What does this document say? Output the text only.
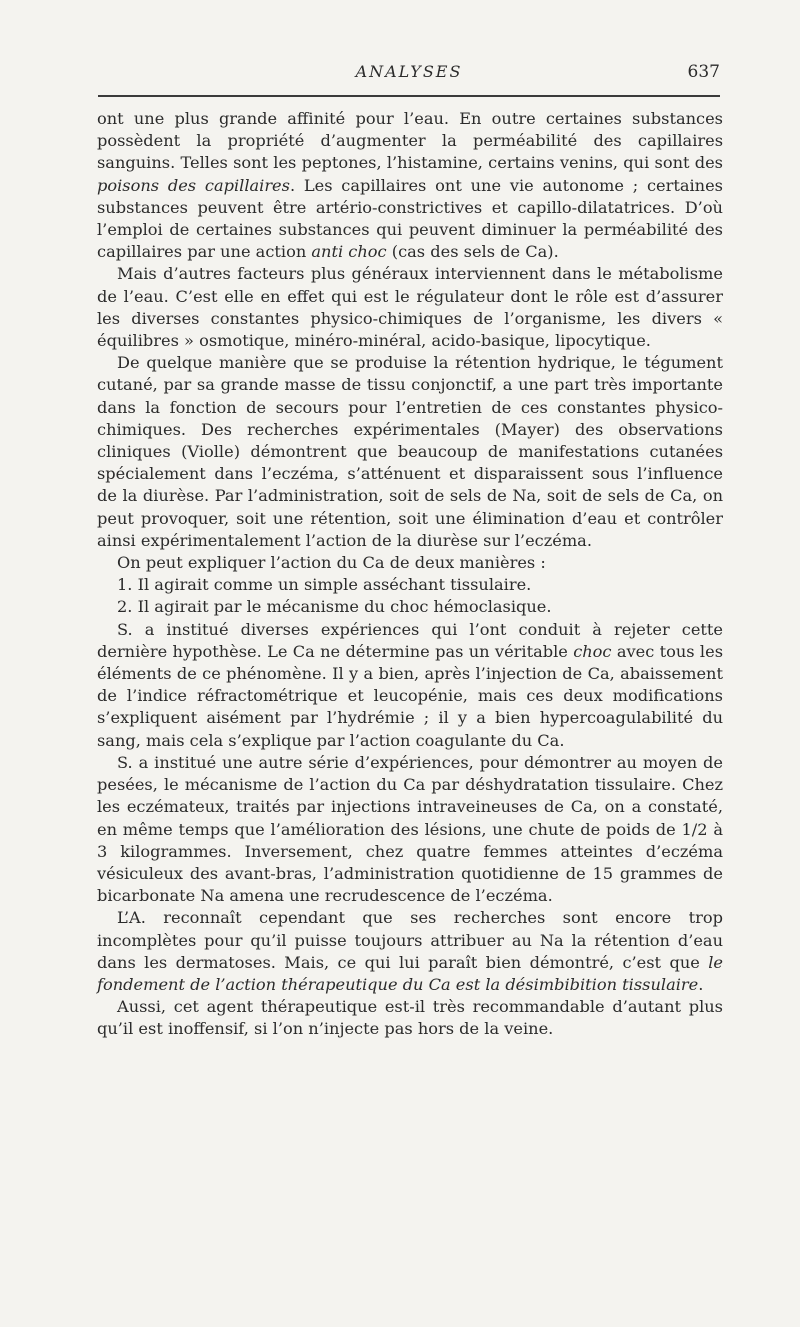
ANALYSES	637

ont une plus grande affinité pour l’eau. En outre certaines substances possèdent la propriété d’augmenter la perméabilité des capillaires sanguins. Telles sont les peptones, l’histamine, certains venins, qui sont des poisons des capillaires. Les capillaires ont une vie autonome ; certaines substances peuvent être artério-constrictives et capillo-dilatatrices. D’où l’emploi de certaines substances qui peuvent diminuer la perméabilité des capillaires par une action anti choc (cas des sels de Ca).

Mais d’autres facteurs plus généraux interviennent dans le métabolisme de l’eau. C’est elle en effet qui est le régulateur dont le rôle est d’assurer les diverses constantes physico-chimiques de l’organisme, les divers « équilibres » osmotique, minéro-minéral, acido-basique, lipocytique.

De quelque manière que se produise la rétention hydrique, le tégument cutané, par sa grande masse de tissu conjonctif, a une part très importante dans la fonction de secours pour l’entretien de ces constantes physico-chimiques. Des recherches expérimentales (Mayer) des observations cliniques (Violle) démontrent que beaucoup de manifestations cutanées spécialement dans l’eczéma, s’atténuent et disparaissent sous l’influence de la diurèse. Par l’administration, soit de sels de Na, soit de sels de Ca, on peut provoquer, soit une rétention, soit une élimination d’eau et contrôler ainsi expérimentalement l’action de la diurèse sur l’eczéma.

On peut expliquer l’action du Ca de deux manières :

1. Il agirait comme un simple asséchant tissulaire.

2. Il agirait par le mécanisme du choc hémoclasique.

S. a institué diverses expériences qui l’ont conduit à rejeter cette dernière hypothèse. Le Ca ne détermine pas un véritable choc avec tous les éléments de ce phénomène. Il y a bien, après l’injection de Ca, abaissement de l’indice réfractométrique et leucopénie, mais ces deux modifications s’expliquent aisément par l’hydrémie ; il y a bien hypercoagulabilité du sang, mais cela s’explique par l’action coagulante du Ca.

S. a institué une autre série d’expériences, pour démontrer au moyen de pesées, le mécanisme de l’action du Ca par déshydratation tissulaire. Chez les eczémateux, traités par injections intraveineuses de Ca, on a constaté, en même temps que l’amélioration des lésions, une chute de poids de 1/2 à 3 kilogrammes. Inversement, chez quatre femmes atteintes d’eczéma vésiculeux des avant-bras, l’administration quotidienne de 15 grammes de bicarbonate Na amena une recrudescence de l’eczéma.

L’A. reconnaît cependant que ses recherches sont encore trop incomplètes pour qu’il puisse toujours attribuer au Na la rétention d’eau dans les dermatoses. Mais, ce qui lui paraît bien démontré, c’est que le fondement de l’action thérapeutique du Ca est la désimbibition tissulaire.

Aussi, cet agent thérapeutique est-il très recommandable d’autant plus qu’il est inoffensif, si l’on n’injecte pas hors de la veine.
